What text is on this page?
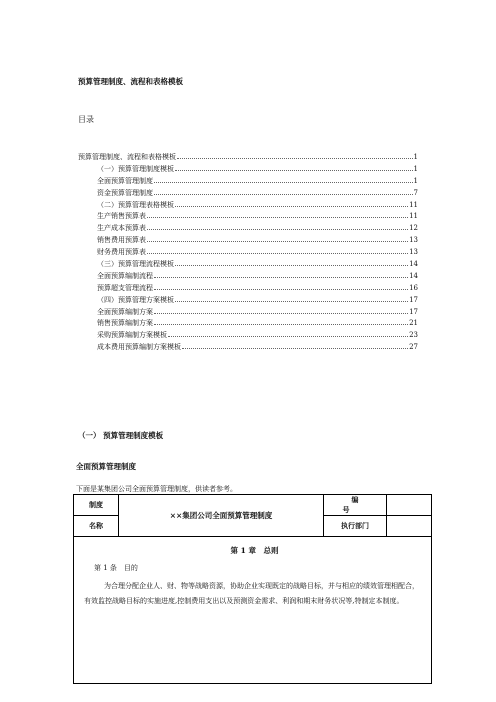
预算管理制度、流程和表格模板
目录
预算管理制度、流程和表格模板	1
（一）预算管理制度模板	1
全面预算管理制度	1
资金预算管理制度	7
（二）预算管理表格模板	11
生产销售预算表	11
生产成本预算表	12
销售费用预算表	13
财务费用预算表	13
（三）预算管理流程模板	14
全面预算编制流程	14
预算超支管理流程	16
（四）预算管理方案模板	17
全面预算编制方案	17
销售预算编制方案	21
采购预算编制方案模板	23
成本费用预算编制方案模板	27
（一） 预算管理制度模板
全面预算管理制度
下面是某集团公司全面预算管理制度，供读者参考。
制度	××集团公司全面预算管理制度	编号	
名称		执行部门	

第 1 章　总则
第 1 条　目的

为合理分配企业人、财、物等战略资源，协助企业实现既定的战略目标，并与相应的绩效管理相配合，有效监控战略目标的实施进度,控制费用支出以及预测资金需求、利润和期末财务状况等,特制定本制度。			
